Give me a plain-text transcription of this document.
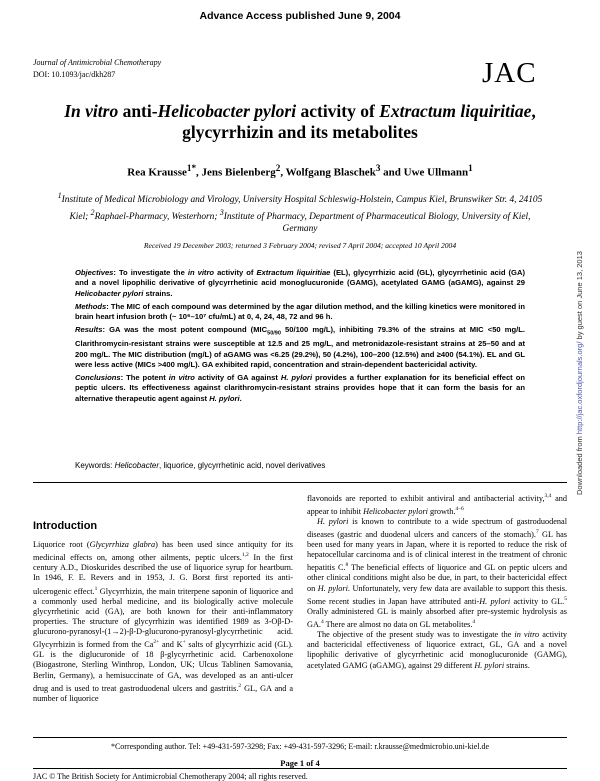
Advance Access published June 9, 2004
Journal of Antimicrobial Chemotherapy
DOI: 10.1093/jac/dkh287	JAC
In vitro anti-Helicobacter pylori activity of Extractum liquiritiae,
glycyrrhizin and its metabolites
Rea Krausse$^{1*}$, Jens Bielenberg$^2$, Wolfgang Blaschek$^3$ and Uwe Ullmann$^1$
$^1$Institute of Medical Microbiology and Virology, University Hospital Schleswig-Holstein, Campus Kiel, Brunswiker Str. 4, 24105 Kiel; $^2$Raphael-Pharmacy, Westerhorn; $^3$Institute of Pharmacy, Department of Pharmaceutical Biology, University of Kiel, Germany
Received 19 December 2003; returned 3 February 2004; revised 7 April 2004; accepted 10 April 2004

Objectives: To investigate the in vitro activity of Extractum liquiritiae (EL), glycyrrhizic acid (GL), glycyrrhetinic acid (GA) and a novel lipophilic derivative of glycyrrhetinic acid monoglucuronide (GAMG), acetylated GAMG (aGAMG), against 29 Helicobacter pylori strains.

Methods: The MIC of each compound was determined by the agar dilution method, and the killing kinetics were monitored in brain heart infusion broth (~ 10⁶–10⁷ cfu/mL) at 0, 4, 24, 48, 72 and 96 h.

Results: GA was the most potent compound ($MIC_{50/90}$ 50/100 mg/L), inhibiting 79.3% of the strains at MIC <50 mg/L. Clarithromycin-resistant strains were susceptible at 12.5 and 25 mg/L, and metronidazole-resistant strains at 25–50 and at 200 mg/L. The MIC distribution (mg/L) of aGAMG was <6.25 (29.2%), 50 (4.2%), 100–200 (12.5%) and ≥400 (54.1%). EL and GL were less active (MICs >400 mg/L). GA exhibited rapid, concentration and strain-dependent bactericidal activity.

Conclusions: The potent in vitro activity of GA against H. pylori provides a further explanation for its beneficial effect on peptic ulcers. Its effectiveness against clarithromycin-resistant strains provides hope that it can form the basis for an alternative therapeutic agent against H. pylori.

Keywords: Helicobacter, liquorice, glycyrrhetinic acid, novel derivatives	Downloaded from http://jac.oxfordjournals.org/ by guest on June 13, 2013
Introduction

Liquorice root (Glycyrrhiza glabra) has been used since antiquity for its medicinal effects on, among other ailments, peptic ulcers.$^{1,2}$ In the first century A.D., Dioskurides described the use of liquorice syrup for heartburn. In 1946, F. E. Revers and in 1953, J. G. Borst first reported its anti-ulcerogenic effect.$^1$ Glycyrrhizin, the main triterpene saponin of liquorice and a commonly used herbal medicine, and its biologically active molecule glycyrrhetinic acid (GA), are both known for their anti-inflammatory properties. The structure of glycyrrhizin was identified 1989 as 3-Oβ-D-glucurono-pyranosyl-(1→2)-β-D-glucurono-pyranosyl-glycyrrhetinic acid. Glycyrrhizin is formed from the $Ca^{2+}$ and K+ salts of glycyrrhizic acid (GL). GL is the diglucuronide of 18 β-glycyrrhetinic acid. Carbenoxolone (Biogastrone, Sterling Winthrop, London, UK; Ulcus Tablinen Samovania, Berlin, Germany), a hemisuccinate of GA, was developed as an anti-ulcer drug and is used to treat gastroduodenal ulcers and gastritis.$^2$ GL, GA and a number of liquorice

flavonoids are reported to exhibit antiviral and antibacterial activity,$^{3,4}$ and appear to inhibit Helicobacter pylori growth.$^{4-6}$

H. pylori is known to contribute to a wide spectrum of gastroduodenal diseases (gastric and duodenal ulcers and cancers of the stomach).$^7$ GL has been used for many years in Japan, where it is reported to reduce the risk of hepatocellular carcinoma and is of clinical interest in the treatment of chronic hepatitis C.$^8$ The beneficial effects of liquorice and GL on peptic ulcers and other clinical conditions might also be due, in part, to their bactericidal effect on H. pylori. Unfortunately, very few data are available to support this thesis. Some recent studies in Japan have attributed anti-H. pylori activity to GL.$^5$ Orally administered GL is mainly absorbed after pre-systemic hydrolysis as GA.$^4$ There are almost no data on GL metabolites.$^4$

The objective of the present study was to investigate the in vitro activity and bactericidal effectiveness of liquorice extract, GL, GA and a novel lipophilic derivative of glycyrrhetinic acid monoglucuronide (GAMG), acetylated GAMG (aGAMG), against 29 different H. pylori strains.

*Corresponding author. Tel: +49-431-597-3298; Fax: +49-431-597-3296; E-mail: r.krausse@medmicrobio.uni-kiel.de
Page 1 of 4
JAC © The British Society for Antimicrobial Chemotherapy 2004; all rights reserved.
